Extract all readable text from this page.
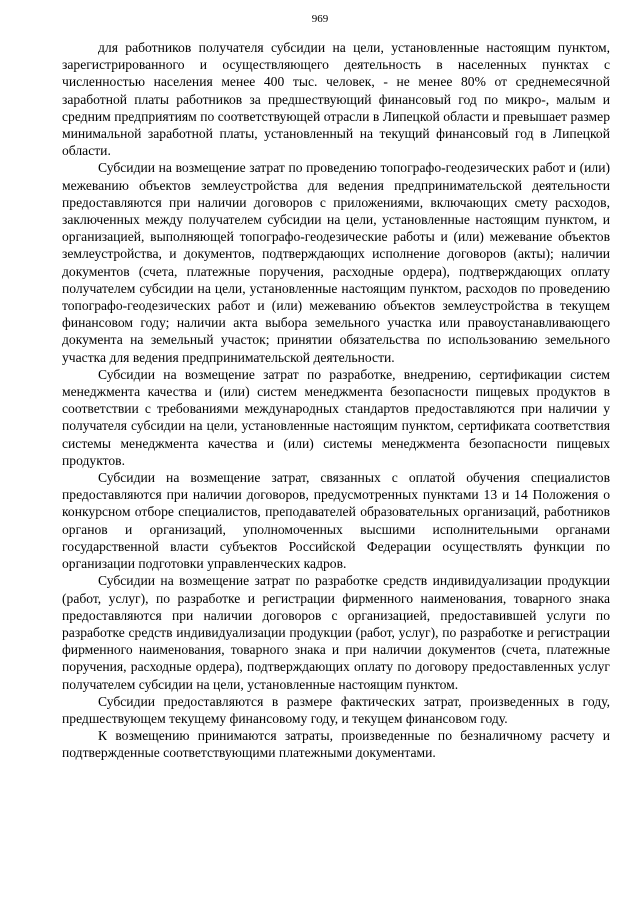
969

для работников получателя субсидии на цели, установленные настоящим пунктом, зарегистрированного и осуществляющего деятельность в населенных пунктах с численностью населения менее 400 тыс. человек, - не менее 80% от среднемесячной заработной платы работников за предшествующий финансовый год по микро-, малым и средним предприятиям по соответствующей отрасли в Липецкой области и превышает размер минимальной заработной платы, установленный на текущий финансовый год в Липецкой области.

Субсидии на возмещение затрат по проведению топографо-геодезических работ и (или) межеванию объектов землеустройства для ведения предпринимательской деятельности предоставляются при наличии договоров с приложениями, включающих смету расходов, заключенных между получателем субсидии на цели, установленные настоящим пунктом, и организацией, выполняющей топографо-геодезические работы и (или) межевание объектов землеустройства, и документов, подтверждающих исполнение договоров (акты); наличии документов (счета, платежные поручения, расходные ордера), подтверждающих оплату получателем субсидии на цели, установленные настоящим пунктом, расходов по проведению топографо-геодезических работ и (или) межеванию объектов землеустройства в текущем финансовом году; наличии акта выбора земельного участка или правоустанавливающего документа на земельный участок; принятии обязательства по использованию земельного участка для ведения предпринимательской деятельности.

Субсидии на возмещение затрат по разработке, внедрению, сертификации систем менеджмента качества и (или) систем менеджмента безопасности пищевых продуктов в соответствии с требованиями международных стандартов предоставляются при наличии у получателя субсидии на цели, установленные настоящим пунктом, сертификата соответствия системы менеджмента качества и (или) системы менеджмента безопасности пищевых продуктов.

Субсидии на возмещение затрат, связанных с оплатой обучения специалистов предоставляются при наличии договоров, предусмотренных пунктами 13 и 14 Положения о конкурсном отборе специалистов, преподавателей образовательных организаций, работников органов и организаций, уполномоченных высшими исполнительными органами государственной власти субъектов Российской Федерации осуществлять функции по организации подготовки управленческих кадров.

Субсидии на возмещение затрат по разработке средств индивидуализации продукции (работ, услуг), по разработке и регистрации фирменного наименования, товарного знака предоставляются при наличии договоров с организацией, предоставившей услуги по разработке средств индивидуализации продукции (работ, услуг), по разработке и регистрации фирменного наименования, товарного знака и при наличии документов (счета, платежные поручения, расходные ордера), подтверждающих оплату по договору предоставленных услуг получателем субсидии на цели, установленные настоящим пунктом.

Субсидии предоставляются в размере фактических затрат, произведенных в году, предшествующем текущему финансовому году, и текущем финансовом году.

К возмещению принимаются затраты, произведенные по безналичному расчету и подтвержденные соответствующими платежными документами.
